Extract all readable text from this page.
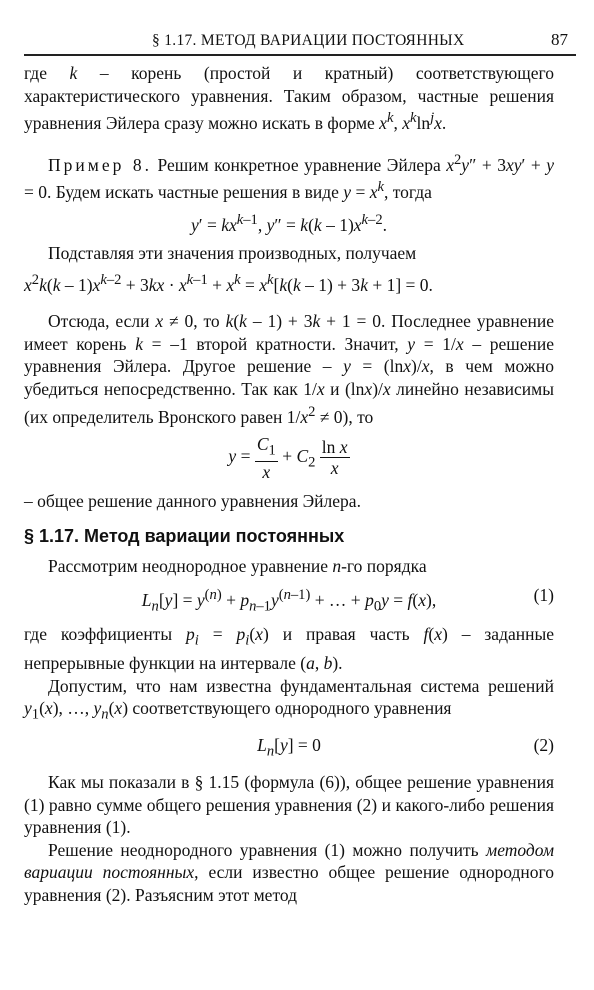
§ 1.17. МЕТОД ВАРИАЦИИ ПОСТОЯННЫХ	87

где k – корень (простой и кратный) соответствующего характеристического уравнения. Таким образом, частные решения уравнения Эйлера сразу можно искать в форме $x^k$, $x^k\ln^jx$.

Пример 8. Решим конкретное уравнение Эйлера $x^2y'' + 3xy' + y = 0$. Будем искать частные решения в виде $y = x^k$, тогда

$y' = kx^{k-1}$, $y'' = k(k - 1)x^{k-2}$.

Подставляя эти значения производных, получаем

$x^2k(k - 1)x^{k-2} + 3kx \cdot x^{k-1} + x^k = x^k[k(k - 1) + 3k + 1] = 0$.

Отсюда, если x ≠ 0, то k(k – 1) + 3k + 1 = 0. Последнее уравнение имеет корень k = –1 второй кратности. Значит, y = 1/x – решение уравнения Эйлера. Другое решение – y = (lnx)/x, в чем можно убедиться непосредственно. Так как 1/x и (lnx)/x линейно независимы (их определитель Вронского равен $1/x^2 \ne 0$), то

$y = \frac{C_1}{x} + C_2 \frac{\text{ln x}}{x}$

– общее решение данного уравнения Эйлера.

§ 1.17. Метод вариации постоянных

Рассмотрим неоднородное уравнение n-го порядка

$L_n[y] = y^{(n)} + p_{n-1}y^{(n-1)}$ + … + $p_0y = f(x)$,	(1)

где коэффициенты $p_i = p_i(x)$ и правая часть f(x) – заданные непрерывные функции на интервале (a, b).

Допустим, что нам известна фундаментальная система решений $y_1(x)$, …, $y_n(x)$ соответствующего однородного уравнения

$L_n[y] = 0$	(2)

Как мы показали в § 1.15 (формула (6)), общее решение уравнения (1) равно сумме общего решения уравнения (2) и какого-либо решения уравнения (1).

Решение неоднородного уравнения (1) можно получить методом вариации постоянных, если известно общее решение однородного уравнения (2). Разъясним этот метод
